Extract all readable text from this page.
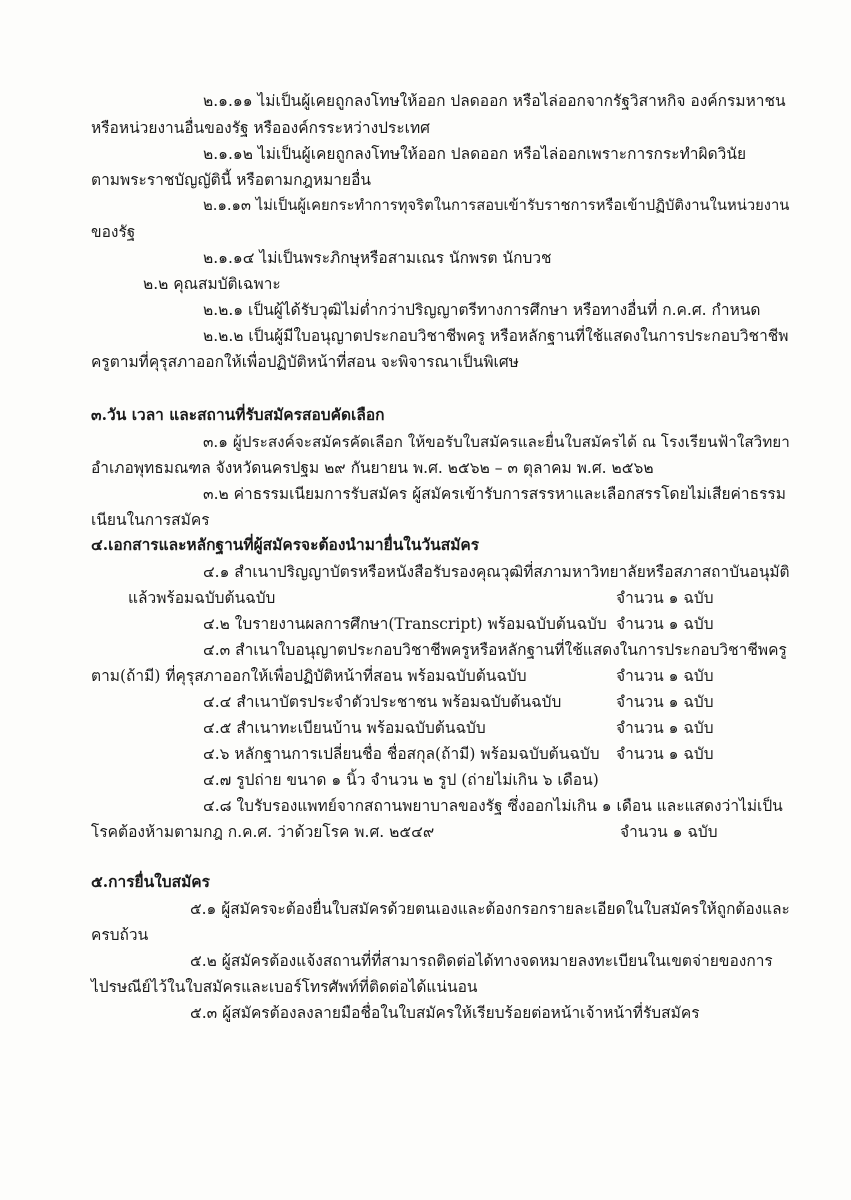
๒.๑.๑๑ ไม่เป็นผู้เคยถูกลงโทษให้ออก ปลดออก หรือไล่ออกจากรัฐวิสาหกิจ องค์กรมหาชน
หรือหน่วยงานอื่นของรัฐ หรือองค์กรระหว่างประเทศ
๒.๑.๑๒ ไม่เป็นผู้เคยถูกลงโทษให้ออก ปลดออก หรือไล่ออกเพราะการกระทำผิดวินัย
ตามพระราชบัญญัตินี้ หรือตามกฎหมายอื่น
๒.๑.๑๓ ไม่เป็นผู้เคยกระทำการทุจริตในการสอบเข้ารับราชการหรือเข้าปฏิบัติงานในหน่วยงาน
ของรัฐ
๒.๑.๑๔ ไม่เป็นพระภิกษุหรือสามเณร นักพรต นักบวช
๒.๒ คุณสมบัติเฉพาะ
๒.๒.๑ เป็นผู้ได้รับวุฒิไม่ต่ำกว่าปริญญาตรีทางการศึกษา หรือทางอื่นที่ ก.ค.ศ. กำหนด
๒.๒.๒ เป็นผู้มีใบอนุญาตประกอบวิชาชีพครู หรือหลักฐานที่ใช้แสดงในการประกอบวิชาชีพ
ครูตามที่คุรุสภาออกให้เพื่อปฏิบัติหน้าที่สอน จะพิจารณาเป็นพิเศษ
๓.วัน เวลา และสถานที่รับสมัครสอบคัดเลือก
๓.๑ ผู้ประสงค์จะสมัครคัดเลือก ให้ขอรับใบสมัครและยื่นใบสมัครได้ ณ โรงเรียนฟ้าใสวิทยา
อำเภอพุทธมณฑล จังหวัดนครปฐม ๒๙ กันยายน พ.ศ. ๒๕๖๒ – ๓ ตุลาคม พ.ศ. ๒๕๖๒
๓.๒ ค่าธรรมเนียมการรับสมัคร ผู้สมัครเข้ารับการสรรหาและเลือกสรรโดยไม่เสียค่าธรรม
เนียนในการสมัคร
๔.เอกสารและหลักฐานที่ผู้สมัครจะต้องนำมายื่นในวันสมัคร
๔.๑ สำเนาปริญญาบัตรหรือหนังสือรับรองคุณวุฒิที่สภามหาวิทยาลัยหรือสภาสถาบันอนุมัติ
แล้วพร้อมฉบับต้นฉบับ	จำนวน ๑ ฉบับ
๔.๒ ใบรายงานผลการศึกษา(Transcript) พร้อมฉบับต้นฉบับ จำนวน ๑ ฉบับ
๔.๓ สำเนาใบอนุญาตประกอบวิชาชีพครูหรือหลักฐานที่ใช้แสดงในการประกอบวิชาชีพครู
ตาม(ถ้ามี) ที่คุรุสภาออกให้เพื่อปฏิบัติหน้าที่สอน พร้อมฉบับต้นฉบับ	จำนวน ๑ ฉบับ
๔.๔ สำเนาบัตรประจำตัวประชาชน พร้อมฉบับต้นฉบับ	จำนวน ๑ ฉบับ
๔.๕ สำเนาทะเบียนบ้าน พร้อมฉบับต้นฉบับ	จำนวน ๑ ฉบับ
๔.๖ หลักฐานการเปลี่ยนชื่อ ชื่อสกุล(ถ้ามี) พร้อมฉบับต้นฉบับ จำนวน ๑ ฉบับ
๔.๗ รูปถ่าย ขนาด ๑ นิ้ว จำนวน ๒ รูป (ถ่ายไม่เกิน ๖ เดือน)
๔.๘ ใบรับรองแพทย์จากสถานพยาบาลของรัฐ ซึ่งออกไม่เกิน ๑ เดือน และแสดงว่าไม่เป็น
โรคต้องห้ามตามกฎ ก.ค.ศ. ว่าด้วยโรค พ.ศ. ๒๕๔๙	จำนวน ๑ ฉบับ
๕.การยื่นใบสมัคร
๕.๑ ผู้สมัครจะต้องยื่นใบสมัครด้วยตนเองและต้องกรอกรายละเอียดในใบสมัครให้ถูกต้องและ
ครบถ้วน
๕.๒ ผู้สมัครต้องแจ้งสถานที่ที่สามารถติดต่อได้ทางจดหมายลงทะเบียนในเขตจ่ายของการ
ไปรษณีย์ไว้ในใบสมัครและเบอร์โทรศัพท์ที่ติดต่อได้แน่นอน
๕.๓ ผู้สมัครต้องลงลายมือชื่อในใบสมัครให้เรียบร้อยต่อหน้าเจ้าหน้าที่รับสมัคร
